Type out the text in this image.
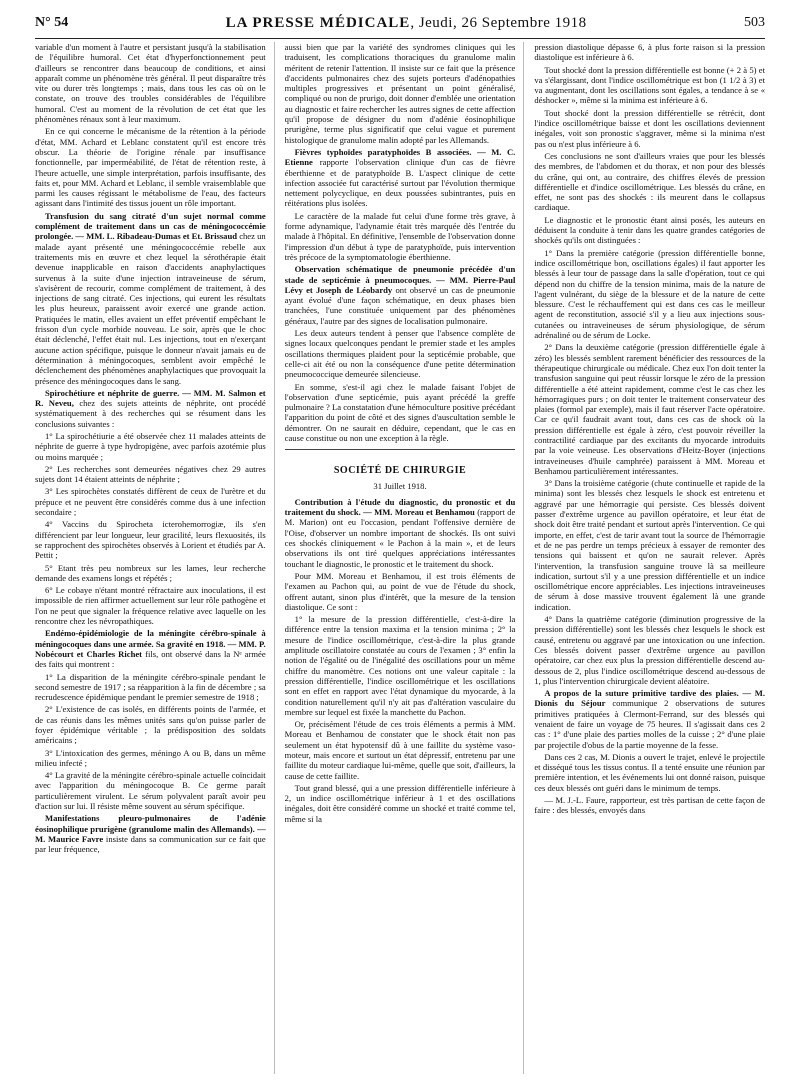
N° 54	LA PRESSE MÉDICALE, Jeudi, 26 Septembre 1918	503

variable d'un moment à l'autre et persistant jusqu'à la stabilisation de l'équilibre humoral. Cet état d'hyperfonctionnement peut d'ailleurs se rencontrer dans beaucoup de conditions, et ainsi apparaît comme un phénomène très général. Il peut disparaître très vite ou durer très longtemps ; mais, dans tous les cas où on le constate, on trouve des troubles considérables de l'équilibre humoral. C'est au moment de la révolution de cet état que les phénomènes rénaux sont à leur maximum.

En ce qui concerne le mécanisme de la rétention à la période d'état, MM. Achard et Leblanc constatent qu'il est encore très obscur. La théorie de l'origine rénale par insuffisance fonctionnelle, par imperméabilité, de l'état de rétention reste, à l'heure actuelle, une simple interprétation, parfois insuffisante, des faits et, pour MM. Achard et Leblanc, il semble vraisemblable que parmi les causes régissant le métabolisme de l'eau, des facteurs agissant dans l'intimité des tissus jouent un rôle important.

Transfusion du sang citraté d'un sujet normal comme complément de traitement dans un cas de méningococcémie prolongée. — MM. L. Ribadeau-Dumas et Et. Brissaud chez un malade ayant présenté une méningococcémie rebelle aux traitements mis en œuvre et chez lequel la sérothérapie était devenue inapplicable en raison d'accidents anaphylactiques survenus à la suite d'une injection intraveineuse de sérum, s'avisèrent de recourir, comme complément de traitement, à des injections de sang citraté. Ces injections, qui eurent les résultats les plus heureux, paraissent avoir exercé une grande action. Pratiquées le matin, elles avaient un effet préventif empêchant le frisson d'un cycle morbide nouveau. Le soir, après que le choc était déclenché, l'effet était nul. Les injections, tout en n'exerçant aucune action spécifique, puisque le donneur n'avait jamais eu de détermination à méningocoques, semblent avoir empêché le déclenchement des phénomènes anaphylactiques que provoquait la présence des méningocoques dans le sang.

Spirochétiure et néphrite de guerre. — MM. M. Salmon et R. Neveu, chez des sujets atteints de néphrite, ont procédé systématiquement à des recherches qui se résument dans les conclusions suivantes :

1° La spirochétiurie a été observée chez 11 malades atteints de néphrite de guerre à type hydropigène, avec parfois azotémie plus ou moins marquée ;

2° Les recherches sont demeurées négatives chez 29 autres sujets dont 14 étaient atteints de néphrite ;

3° Les spirochètes constatés diffèrent de ceux de l'urètre et du prépuce et ne peuvent être considérés comme dus à une infection secondaire ;

4° Vaccins du Spirocheta icterohemorrogiæ, ils s'en différencient par leur longueur, leur gracilité, leurs flexuosités, ils se rapprochent des spirochètes observés à Lorient et étudiés par A. Pettit ;

5° Etant très peu nombreux sur les lames, leur recherche demande des examens longs et répétés ;

6° Le cobaye n'étant montré réfractaire aux inoculations, il est impossible de rien affirmer actuellement sur leur rôle pathogène et l'on ne peut que signaler la fréquence relative avec laquelle on les rencontre chez les névropathiques.

Endémo-épidémiologie de la méningite cérébro-spinale à méningocoques dans une armée. Sa gravité en 1918. — MM. P. Nobécourt et Charles Richet fils, ont observé dans la Nᵉ armée des faits qui montrent :

1° La disparition de la méningite cérébro-spinale pendant le second semestre de 1917 ; sa réapparition à la fin de décembre ; sa recrudescence épidémique pendant le premier semestre de 1918 ;

2° L'existence de cas isolés, en différents points de l'armée, et de cas réunis dans les mêmes unités sans qu'on puisse parler de foyer épidémique véritable ; la prédisposition des soldats américains ;

3° L'intoxication des germes, méningo A ou B, dans un même milieu infecté ;

4° La gravité de la méningite cérébro-spinale actuelle coïncidait avec l'apparition du méningocoque B. Ce germe paraît particulièrement virulent. Le sérum polyvalent paraît avoir peu d'action sur lui. Il résiste même souvent au sérum spécifique.

Manifestations pleuro-pulmonaires de l'adénie éosinophilique prurigène (granulome malin des Allemands). — M. Maurice Favre insiste dans sa communication sur ce fait que par leur fréquence,

aussi bien que par la variété des syndromes cliniques qui les traduisent, les complications thoraciques du granulome malin méritent de retenir l'attention. Il insiste sur ce fait que la présence d'accidents pulmonaires chez des sujets porteurs d'adénopathies multiples progressives et présentant un point généralisé, compliqué ou non de prurigo, doit donner d'emblée une orientation au diagnostic et faire rechercher les autres signes de cette affection qu'il propose de désigner du nom d'adénie éosinophilique prurigène, terme plus significatif que celui vague et purement histologique de granulome malin adopté par les Allemands.

Fièvres typhoïdes paratyphoïdes B associées. — M. C. Etienne rapporte l'observation clinique d'un cas de fièvre éberthienne et de paratyphoïde B. L'aspect clinique de cette infection associée fut caractérisé surtout par l'évolution thermique nettement polycyclique, en deux poussées subintrantes, puis en réitérations plus isolées.

Le caractère de la malade fut celui d'une forme très grave, à forme adynamique, l'adynamie était très marquée dès l'entrée du malade à l'hôpital. En définitive, l'ensemble de l'observation donne l'impression d'un début à type de paratyphoïde, puis intervention très précoce de la symptomatologie éberthienne.

Observation schématique de pneumonie précédée d'un stade de septicémie à pneumocoques. — MM. Pierre-Paul Lévy et Joseph de Léobardy ont observé un cas de pneumonie ayant évolué d'une façon schématique, en deux phases bien tranchées, l'une constituée uniquement par des phénomènes généraux, l'autre par des signes de localisation pulmonaire.

Les deux auteurs tendent à penser que l'absence complète de signes locaux quelconques pendant le premier stade et les amples oscillations thermiques plaident pour la septicémie probable, que celle-ci ait été ou non la conséquence d'une petite détermination pneumococcique demeurée silencieuse.

En somme, s'est-il agi chez le malade faisant l'objet de l'observation d'une septicémie, puis ayant précédé la greffe pulmonaire ? La constatation d'une hémoculture positive précédant l'apparition du point de côté et des signes d'auscultation semble le démontrer. On ne saurait en déduire, cependant, que le cas en cause constitue ou non une exception à la règle.

SOCIÉTÉ DE CHIRURGIE

31 Juillet 1918.

Contribution à l'étude du diagnostic, du pronostic et du traitement du shock. — MM. Moreau et Benhamou (rapport de M. Marion) ont eu l'occasion, pendant l'offensive dernière de l'Oise, d'observer un nombre important de shockés. Ils ont suivi ces shockés cliniquement « le Pachon à la main », et de leurs observations ils ont tiré quelques appréciations intéressantes touchant le diagnostic, le pronostic et le traitement du shock.

Pour MM. Moreau et Benhamou, il est trois éléments de l'examen au Pachon qui, au point de vue de l'étude du shock, offrent autant, sinon plus d'intérêt, que la mesure de la tension diastolique. Ce sont :

1° la mesure de la pression différentielle, c'est-à-dire la différence entre la tension maxima et la tension minima ; 2° la mesure de l'indice oscillométrique, c'est-à-dire la plus grande amplitude oscillatoire constatée au cours de l'examen ; 3° enfin la notion de l'égalité ou de l'inégalité des oscillations pour un même chiffre du manomètre. Ces notions ont une valeur capitale : la pression différentielle, l'indice oscillométrique et les oscillations sont en effet en rapport avec l'état dynamique du myocarde, à la condition naturellement qu'il n'y ait pas d'altération vasculaire du membre sur lequel est fixée la manchette du Pachon.

Or, précisément l'étude de ces trois éléments a permis à MM. Moreau et Benhamou de constater que le shock était non pas seulement un état hypotensif dû à une faillite du système vaso-moteur, mais encore et surtout un état dépressif, entretenu par une faillite du moteur cardiaque lui-même, quelle que soit, d'ailleurs, la cause de cette faillite.

Tout grand blessé, qui a une pression différentielle inférieure à 2, un indice oscillométrique inférieur à 1 et des oscillations inégales, doit être considéré comme un shocké et traité comme tel, même si la

pression diastolique dépasse 6, à plus forte raison si la pression diastolique est inférieure à 6.

Tout shocké dont la pression différentielle est bonne (+ 2 à 5) et va s'élargissant, dont l'indice oscillométrique est bon (1 1/2 à 3) et va augmentant, dont les oscillations sont égales, a tendance à se « déshocker », même si la minima est inférieure à 6.

Tout shocké dont la pression différentielle se rétrécit, dont l'indice oscillométrique baisse et dont les oscillations deviennent inégales, voit son pronostic s'aggraver, même si la minima n'est pas ou n'est plus inférieure à 6.

Ces conclusions ne sont d'ailleurs vraies que pour les blessés des membres, de l'abdomen et du thorax, et non pour des blessés du crâne, qui ont, au contraire, des chiffres élevés de pression différentielle et d'indice oscillométrique. Les blessés du crâne, en effet, ne sont pas des shockés : ils meurent dans le collapsus cardiaque.

Le diagnostic et le pronostic étant ainsi posés, les auteurs en déduisent la conduite à tenir dans les quatre grandes catégories de shockés qu'ils ont distinguées :

1° Dans la première catégorie (pression différentielle bonne, indice oscillométrique bon, oscillations égales) il faut apporter les blessés à leur tour de passage dans la salle d'opération, tout ce qui dépend non du chiffre de la tension minima, mais de la nature de l'agent vulnérant, du siège de la blessure et de la nature de cette blessure. C'est le réchauffement qui est dans ces cas le meilleur agent de reconstitution, associé s'il y a lieu aux injections sous-cutanées ou intraveineuses de sérum physiologique, de sérum adrénaliné ou de sérum de Locke.

2° Dans la deuxième catégorie (pression différentielle égale à zéro) les blessés semblent rarement bénéficier des ressources de la thérapeutique chirurgicale ou médicale. Chez eux l'on doit tenter la transfusion sanguine qui peut réussir lorsque le zéro de la pression différentielle a été atteint rapidement, comme c'est le cas chez les hémorragiques purs ; on doit tenter le traitement conservateur des plaies (formol par exemple), mais il faut réserver l'acte opératoire. Car ce qu'il faudrait avant tout, dans ces cas de shock où la pression différentielle est égale à zéro, c'est pouvoir réveiller la contractilité cardiaque par des excitants du myocarde introduits par la voie veineuse. Les observations d'Heitz-Boyer (injections intraveineuses d'huile camphrée) paraissent à MM. Moreau et Benhamou particulièrement intéressantes.

3° Dans la troisième catégorie (chute continuelle et rapide de la minima) sont les blessés chez lesquels le shock est entretenu et aggravé par une hémorragie qui persiste. Ces blessés doivent passer d'extrême urgence au pavillon opératoire, et leur état de shock doit être traité pendant et surtout après l'intervention. Ce qui importe, en effet, c'est de tarir avant tout la source de l'hémorragie et de ne pas perdre un temps précieux à essayer de remonter des tensions qui baissent et qu'on ne saurait relever. Après l'intervention, la transfusion sanguine trouve là sa meilleure indication, surtout s'il y a une pression différentielle et un indice oscillométrique encore appréciables. Les injections intraveineuses de sérum à dose massive trouvent également là une grande indication.

4° Dans la quatrième catégorie (diminution progressive de la pression différentielle) sont les blessés chez lesquels le shock est causé, entretenu ou aggravé par une intoxication ou une infection. Ces blessés doivent passer d'extrême urgence au pavillon opératoire, car chez eux plus la pression différentielle descend au-dessous de 2, plus l'indice oscillométrique descend au-dessous de 1, plus l'intervention chirurgicale devient aléatoire.

A propos de la suture primitive tardive des plaies. — M. Dionis du Séjour communique 2 observations de sutures primitives pratiquées à Clermont-Ferrand, sur des blessés qui venaient de faire un voyage de 75 heures. Il s'agissait dans ces 2 cas : 1° d'une plaie des parties molles de la cuisse ; 2° d'une plaie par projectile d'obus de la partie moyenne de la fesse.

Dans ces 2 cas, M. Dionis a ouvert le trajet, enlevé le projectile et disséqué tous les tissus contus. Il a tenté ensuite une réunion par première intention, et les événements lui ont donné raison, puisque ces deux blessés ont guéri dans le minimum de temps.

— M. J.-L. Faure, rapporteur, est très partisan de cette façon de faire : des blessés, envoyés dans
